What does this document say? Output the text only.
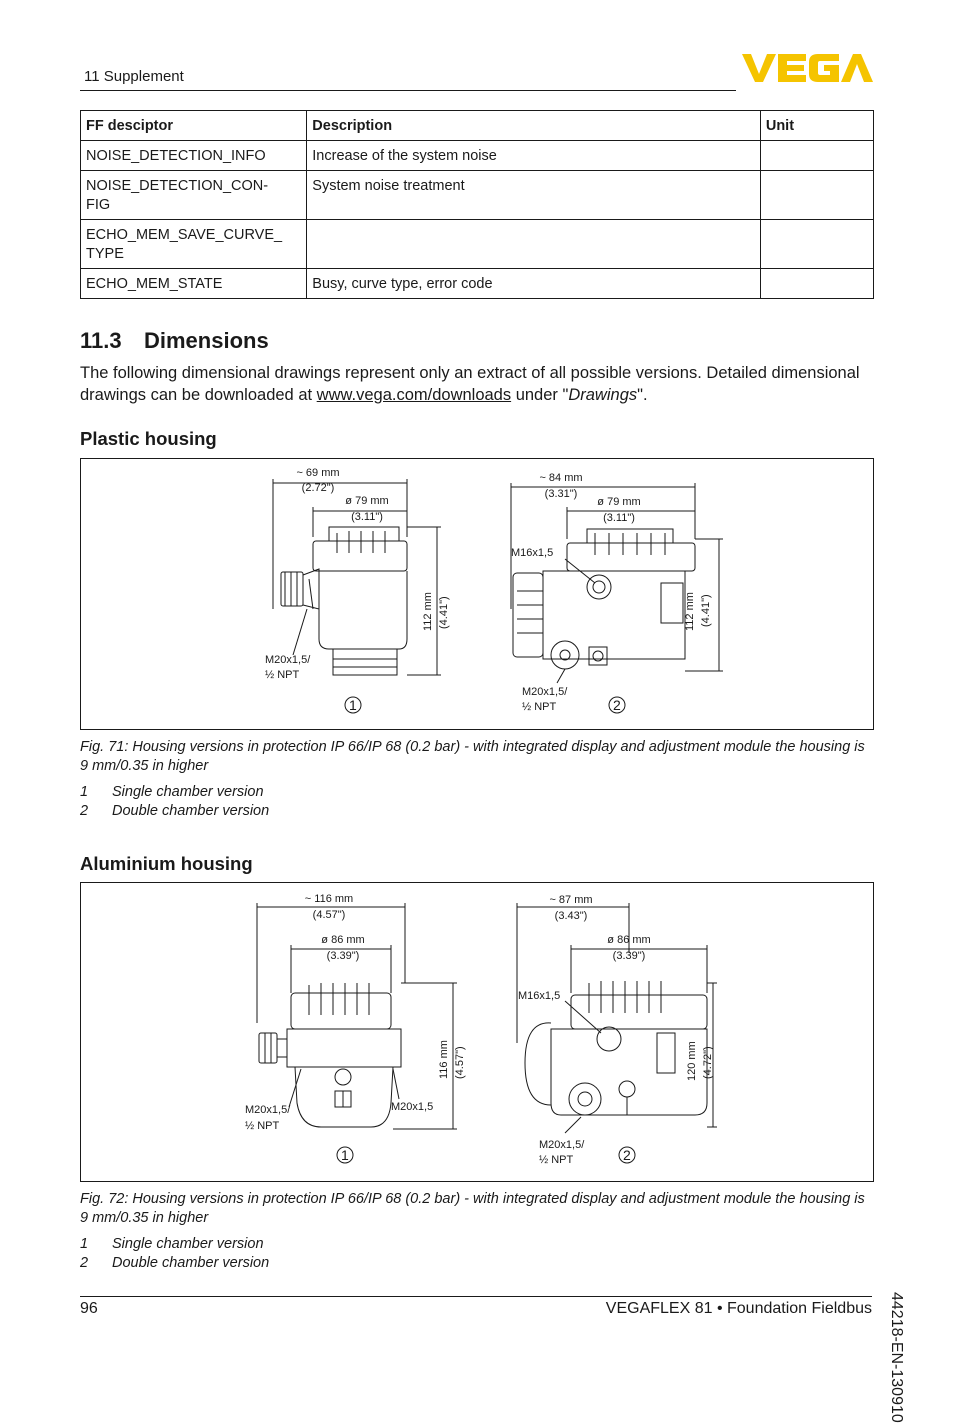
11 Supplement
FF desciptor	Description	Unit
NOISE_DETECTION_INFO	Increase of the system noise	
NOISE_DETECTION_CON-
FIG	System noise treatment	
ECHO_MEM_SAVE_CURVE_
TYPE		
ECHO_MEM_STATE	Busy, curve type, error code	
11.3 Dimensions
The following dimensional drawings represent only an extract of all possible versions. Detailed dimensional drawings can be downloaded at www.vega.com/downloads under "Drawings".
Plastic housing
~ 69 mm
(2.72")
ø 79 mm
(3.11")
112 mm (4.41")
M20x1,5/
½ NPT
1
~ 84 mm
(3.31")
ø 79 mm
(3.11")
M16x1,5
112 mm (4.41")
M20x1,5/
½ NPT	2
Fig. 71: Housing versions in protection IP 66/IP 68 (0.2 bar) - with integrated display and adjustment module the housing is 9 mm/0.35 in higher
1 Single chamber version
2 Double chamber version
Aluminium housing
~ 116 mm
(4.57")
ø 86 mm
(3.39")
116 mm (4.57")
M20x1,5/
½ NPT
M20x1,5
1
~ 87 mm
(3.43")
ø 86 mm
(3.39")
M16x1,5
120 mm (4.72")
M20x1,5/
½ NPT	2
Fig. 72: Housing versions in protection IP 66/IP 68 (0.2 bar) - with integrated display and adjustment module the housing is 9 mm/0.35 in higher
1 Single chamber version
2 Double chamber version
44218-EN-130910
96	VEGAFLEX 81 • Foundation Fieldbus
